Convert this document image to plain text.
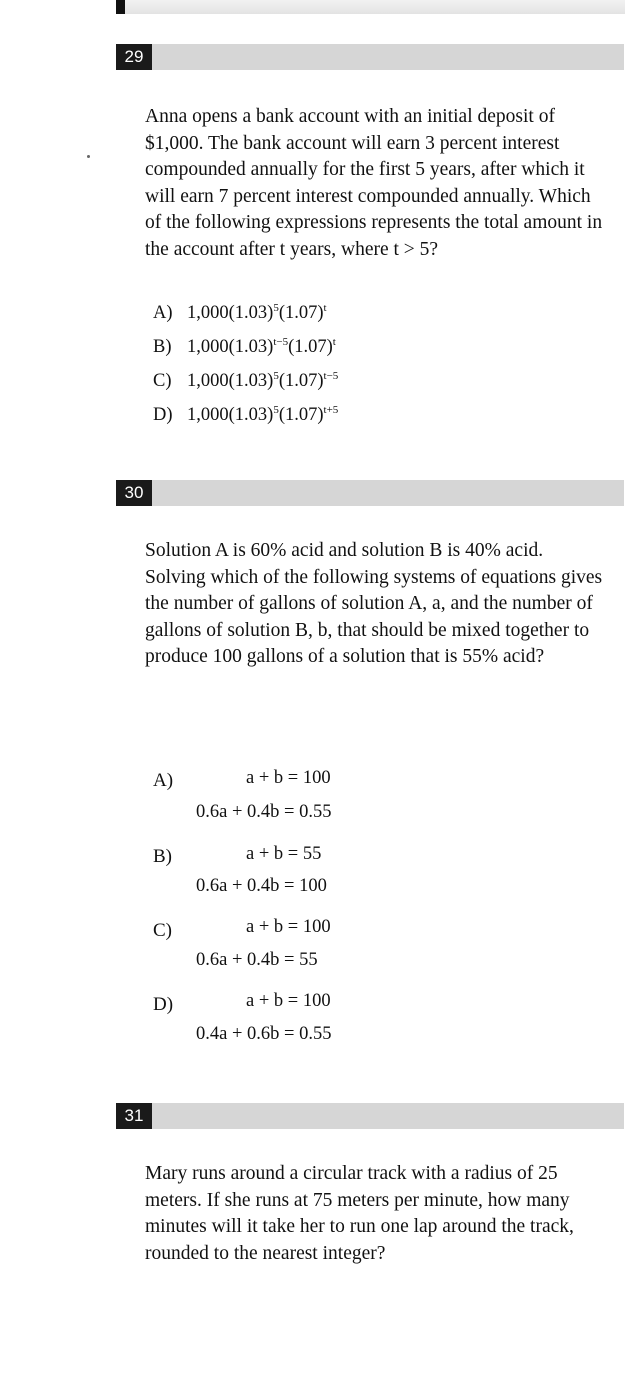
29

Anna opens a bank account with an initial deposit of $1,000. The bank account will earn 3 percent interest compounded annually for the first 5 years, after which it will earn 7 percent interest compounded annually. Which of the following expressions represents the total amount in the account after t years, where t > 5?

A) $1,000(1.03)^5(1.07)^t$
B) $1,000(1.03)^{t-5}(1.07)^t$
C) $1,000(1.03)^5(1.07)^{t-5}$
D) $1,000(1.03)^5(1.07)^{t+5}$
30

Solution A is 60% acid and solution B is 40% acid. Solving which of the following systems of equations gives the number of gallons of solution A, a, and the number of gallons of solution B, b, that should be mixed together to produce 100 gallons of a solution that is 55% acid?

A)	a + b = 100
0.6a + 0.4b = 0.55
B)	a + b = 55
0.6a + 0.4b = 100
C)	a + b = 100
0.6a + 0.4b = 55
D)	a + b = 100
0.4a + 0.6b = 0.55
31

Mary runs around a circular track with a radius of 25 meters. If she runs at 75 meters per minute, how many minutes will it take her to run one lap around the track, rounded to the nearest integer?
